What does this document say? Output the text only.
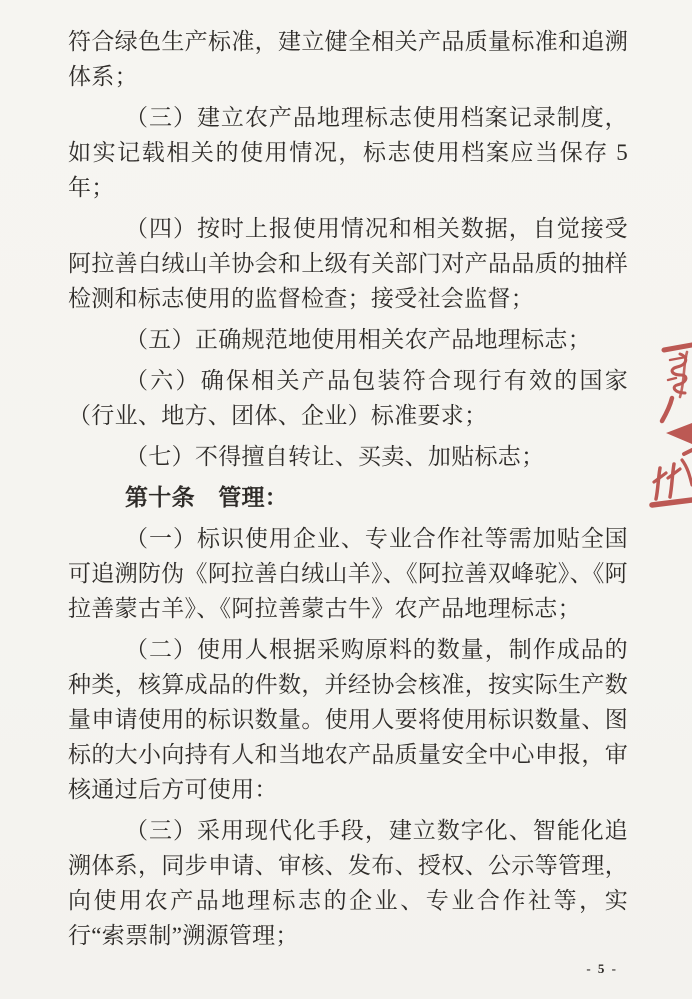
符合绿色生产标准，建立健全相关产品质量标准和追溯体系；

（三）建立农产品地理标志使用档案记录制度，如实记载相关的使用情况，标志使用档案应当保存 5 年；

（四）按时上报使用情况和相关数据，自觉接受阿拉善白绒山羊协会和上级有关部门对产品品质的抽样检测和标志使用的监督检查；接受社会监督；

（五）正确规范地使用相关农产品地理标志；

（六）确保相关产品包装符合现行有效的国家（行业、地方、团体、企业）标准要求；

（七）不得擅自转让、买卖、加贴标志；

第十条　管理：

（一）标识使用企业、专业合作社等需加贴全国可追溯防伪《阿拉善白绒山羊》、《阿拉善双峰驼》、《阿拉善蒙古羊》、《阿拉善蒙古牛》农产品地理标志；

（二）使用人根据采购原料的数量，制作成品的种类，核算成品的件数，并经协会核准，按实际生产数量申请使用的标识数量。使用人要将使用标识数量、图标的大小向持有人和当地农产品质量安全中心申报，审核通过后方可使用：

（三）采用现代化手段，建立数字化、智能化追溯体系，同步申请、审核、发布、授权、公示等管理，向使用农产品地理标志的企业、专业合作社等，实行“索票制”溯源管理；

- 5 -
